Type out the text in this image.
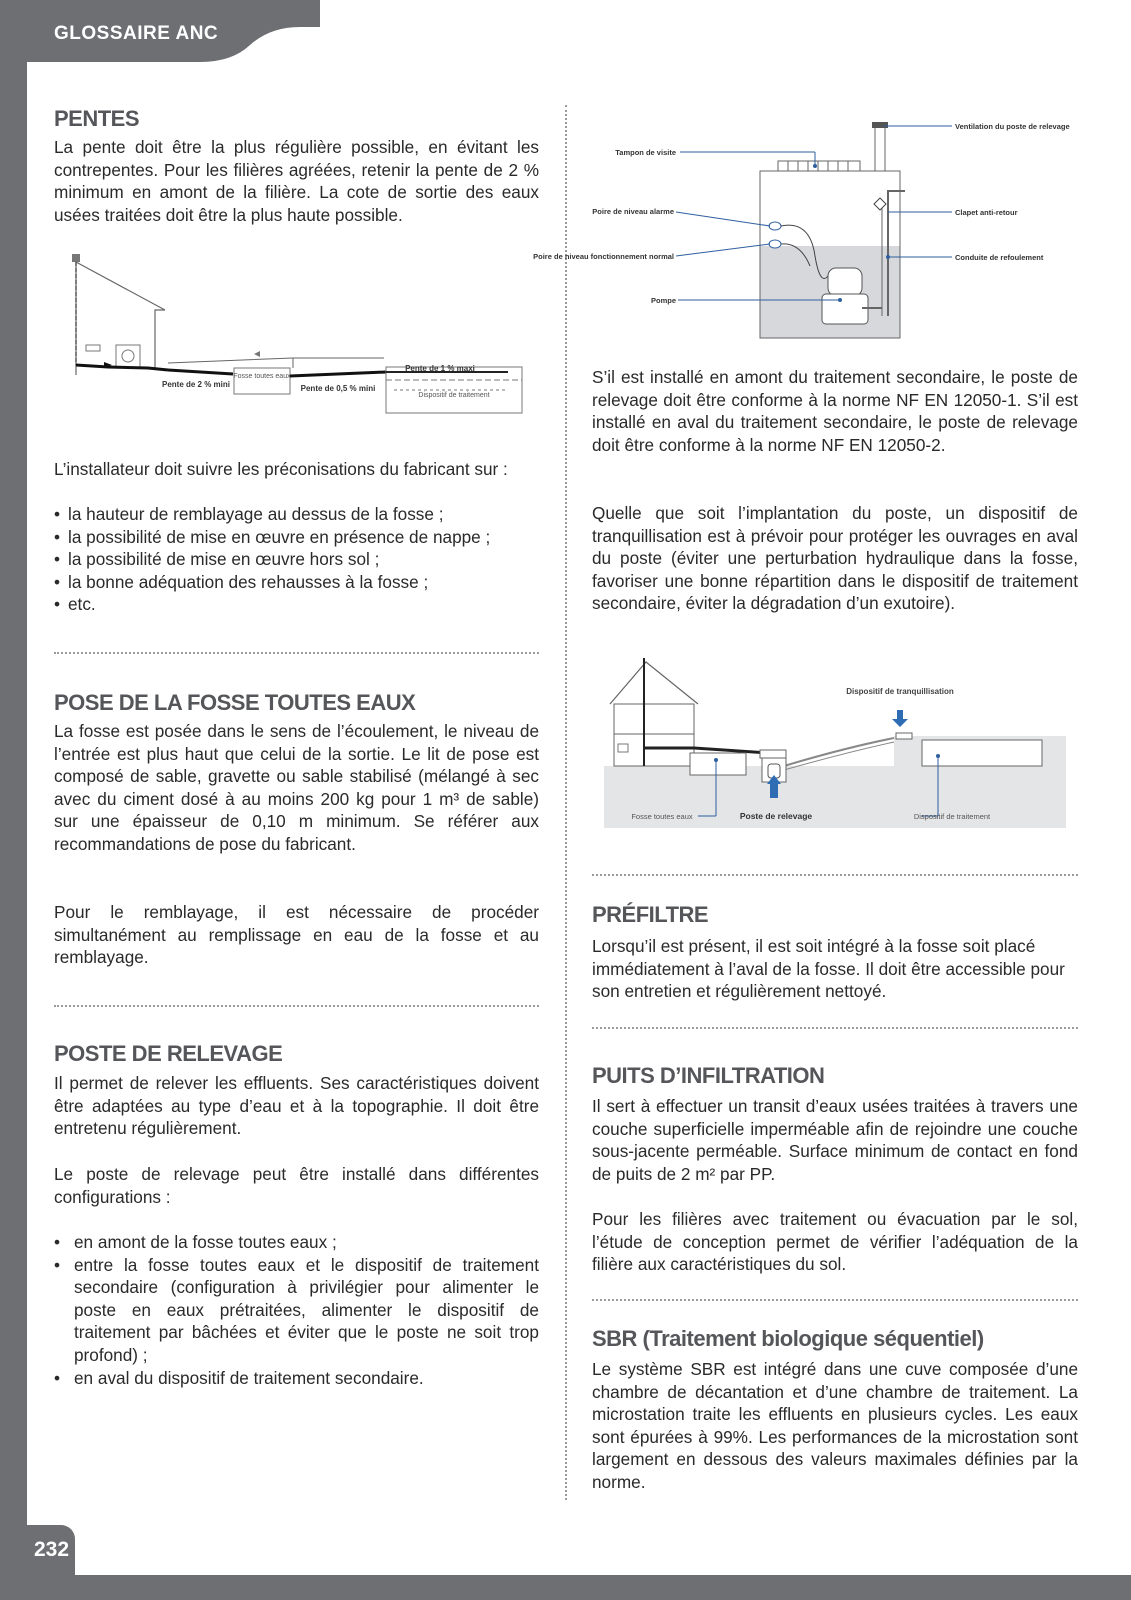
GLOSSAIRE ANC
PENTES
La pente doit être la plus régulière possible, en évitant les contrepentes. Pour les filières agréées, retenir la pente de 2 % minimum en amont de la filière. La cote de sortie des eaux usées traitées doit être la plus haute possible.
Pente de 2 % mini
Fosse toutes eaux
Pente de 0,5 % mini
Pente de 1 % maxi
Dispositif de traitement
L’installateur doit suivre les préconisations du fabricant sur :
• la hauteur de remblayage au dessus de la fosse ;
• la possibilité de mise en œuvre en présence de nappe ;
• la possibilité de mise en œuvre hors sol ;
• la bonne adéquation des rehausses à la fosse ;
• etc.
POSE DE LA FOSSE TOUTES EAUX
La fosse est posée dans le sens de l’écoulement, le niveau de l’entrée est plus haut que celui de la sortie. Le lit de pose est composé de sable, gravette ou sable stabilisé (mélangé à sec avec du ciment dosé à au moins 200 kg pour 1 m³ de sable) sur une épaisseur de 0,10 m minimum. Se référer aux recommandations de pose du fabricant.
Pour le remblayage, il est nécessaire de procéder simultanément au remplissage en eau de la fosse et au remblayage.
POSTE DE RELEVAGE
Il permet de relever les effluents. Ses caractéristiques doivent être adaptées au type d’eau et à la topographie. Il doit être entretenu régulièrement.
Le poste de relevage peut être installé dans différentes configurations :
• en amont de la fosse toutes eaux ;
• entre la fosse toutes eaux et le dispositif de traitement secondaire (configuration à privilégier pour alimenter le poste en eaux prétraitées, alimenter le dispositif de traitement par bâchées et éviter que le poste ne soit trop profond) ;
• en aval du dispositif de traitement secondaire.
Tampon de visite
Ventilation du poste de relevage
Poire de niveau alarme	Clapet anti-retour
Poire de niveau fonctionnement normal	Conduite de refoulement
Pompe
S’il est installé en amont du traitement secondaire, le poste de relevage doit être conforme à la norme NF EN 12050-1. S’il est installé en aval du traitement secondaire, le poste de relevage doit être conforme à la norme NF EN 12050-2.
Quelle que soit l’implantation du poste, un dispositif de tranquillisation est à prévoir pour protéger les ouvrages en aval du poste (éviter une perturbation hydraulique dans la fosse, favoriser une bonne répartition dans le dispositif de traitement secondaire, éviter la dégradation d’un exutoire).
Dispositif de tranquillisation
Fosse toutes eaux	Poste de relevage	Dispositif de traitement
PRÉFILTRE
Lorsqu’il est présent, il est soit intégré à la fosse soit placé immédiatement à l’aval de la fosse. Il doit être accessible pour son entretien et régulièrement nettoyé.
PUITS D’INFILTRATION
Il sert à effectuer un transit d’eaux usées traitées à travers une couche superficielle imperméable afin de rejoindre une couche sous-jacente perméable. Surface minimum de contact en fond de puits de 2 m² par PP.
Pour les filières avec traitement ou évacuation par le sol, l’étude de conception permet de vérifier l’adéquation de la filière aux caractéristiques du sol.
SBR (Traitement biologique séquentiel)
Le système SBR est intégré dans une cuve composée d’une chambre de décantation et d’une chambre de traitement. La microstation traite les effluents en plusieurs cycles. Les eaux sont épurées à 99%. Les performances de la microstation sont largement en dessous des valeurs maximales définies par la norme.
232
